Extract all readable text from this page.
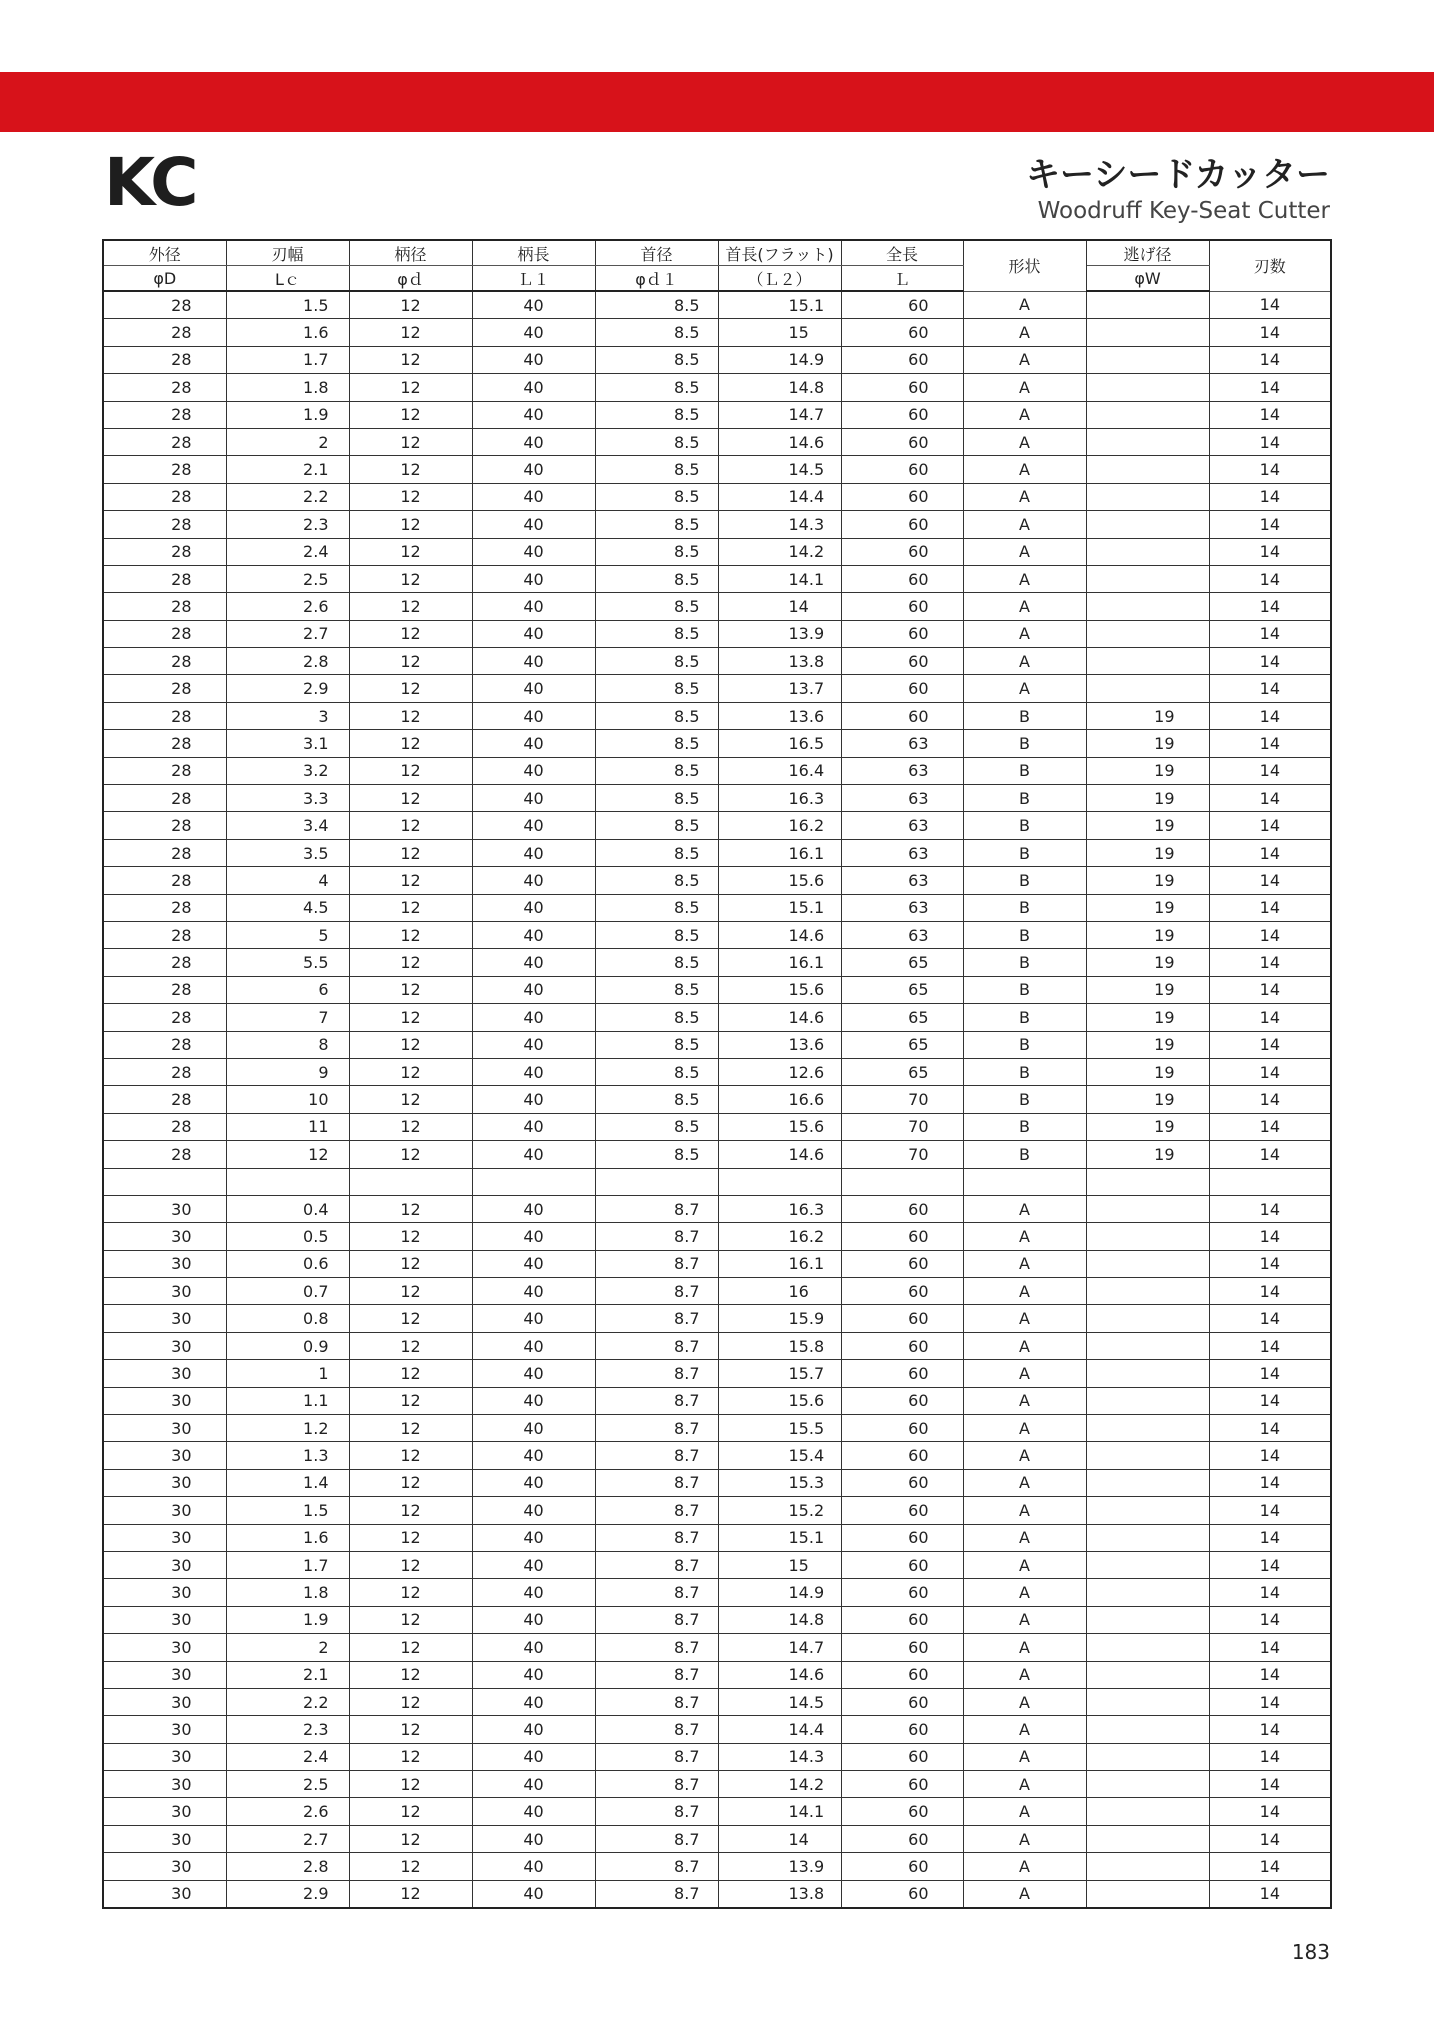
KC	キーシードカッター
Woodruff Key-Seat Cutter
外径	刃幅	柄径	柄長	首径	首長(フラット)	全長	形状	逃げ径	刃数
φD	Lｃ	φｄ	Ｌ１	φｄ１	（Ｌ２）	Ｌ		φW	
28	1.5	12	40	8.5	15.1	60	A		14
28	1.6	12	40	8.5	15	60	A		14
28	1.7	12	40	8.5	14.9	60	A		14
28	1.8	12	40	8.5	14.8	60	A		14
28	1.9	12	40	8.5	14.7	60	A		14
28	2	12	40	8.5	14.6	60	A		14
28	2.1	12	40	8.5	14.5	60	A		14
28	2.2	12	40	8.5	14.4	60	A		14
28	2.3	12	40	8.5	14.3	60	A		14
28	2.4	12	40	8.5	14.2	60	A		14
28	2.5	12	40	8.5	14.1	60	A		14
28	2.6	12	40	8.5	14	60	A		14
28	2.7	12	40	8.5	13.9	60	A		14
28	2.8	12	40	8.5	13.8	60	A		14
28	2.9	12	40	8.5	13.7	60	A		14
28	3	12	40	8.5	13.6	60	B	19	14
28	3.1	12	40	8.5	16.5	63	B	19	14
28	3.2	12	40	8.5	16.4	63	B	19	14
28	3.3	12	40	8.5	16.3	63	B	19	14
28	3.4	12	40	8.5	16.2	63	B	19	14
28	3.5	12	40	8.5	16.1	63	B	19	14
28	4	12	40	8.5	15.6	63	B	19	14
28	4.5	12	40	8.5	15.1	63	B	19	14
28	5	12	40	8.5	14.6	63	B	19	14
28	5.5	12	40	8.5	16.1	65	B	19	14
28	6	12	40	8.5	15.6	65	B	19	14
28	7	12	40	8.5	14.6	65	B	19	14
28	8	12	40	8.5	13.6	65	B	19	14
28	9	12	40	8.5	12.6	65	B	19	14
28	10	12	40	8.5	16.6	70	B	19	14
28	11	12	40	8.5	15.6	70	B	19	14
28	12	12	40	8.5	14.6	70	B	19	14

30	0.4	12	40	8.7	16.3	60	A		14
30	0.5	12	40	8.7	16.2	60	A		14
30	0.6	12	40	8.7	16.1	60	A		14
30	0.7	12	40	8.7	16	60	A		14
30	0.8	12	40	8.7	15.9	60	A		14
30	0.9	12	40	8.7	15.8	60	A		14
30	1	12	40	8.7	15.7	60	A		14
30	1.1	12	40	8.7	15.6	60	A		14
30	1.2	12	40	8.7	15.5	60	A		14
30	1.3	12	40	8.7	15.4	60	A		14
30	1.4	12	40	8.7	15.3	60	A		14
30	1.5	12	40	8.7	15.2	60	A		14
30	1.6	12	40	8.7	15.1	60	A		14
30	1.7	12	40	8.7	15	60	A		14
30	1.8	12	40	8.7	14.9	60	A		14
30	1.9	12	40	8.7	14.8	60	A		14
30	2	12	40	8.7	14.7	60	A		14
30	2.1	12	40	8.7	14.6	60	A		14
30	2.2	12	40	8.7	14.5	60	A		14
30	2.3	12	40	8.7	14.4	60	A		14
30	2.4	12	40	8.7	14.3	60	A		14
30	2.5	12	40	8.7	14.2	60	A		14
30	2.6	12	40	8.7	14.1	60	A		14
30	2.7	12	40	8.7	14	60	A		14
30	2.8	12	40	8.7	13.9	60	A		14
30	2.9	12	40	8.7	13.8	60	A		14
183
